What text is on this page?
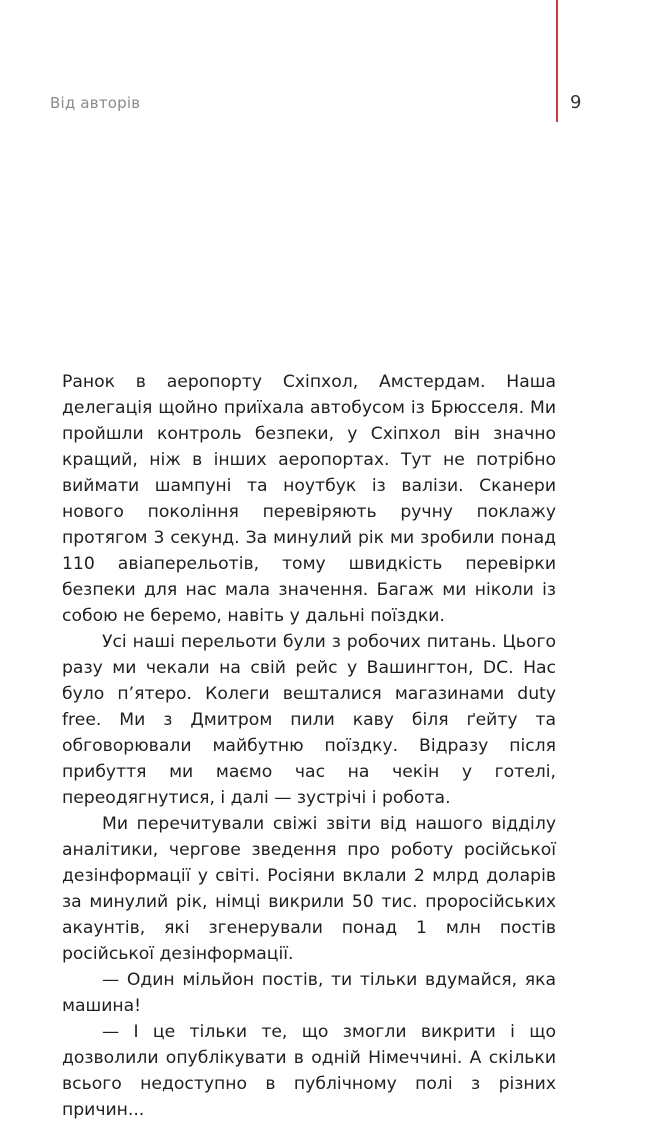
Від авторів	9

Ранок в аеропорту Схіпхол, Амстердам. Наша делегація щойно приїхала автобусом із Брюсселя. Ми пройшли контроль безпеки, у Схіпхол він значно кращий, ніж в інших аеропортах. Тут не потрібно виймати шампуні та ноутбук із валізи. Сканери нового покоління перевіряють ручну поклажу протягом 3 секунд. За минулий рік ми зробили понад 110 авіаперельотів, тому швидкість перевірки безпеки для нас мала значення. Багаж ми ніколи із собою не беремо, навіть у дальні поїздки.

Усі наші перельоти були з робочих питань. Цього разу ми чекали на свій рейс у Вашингтон, DC. Нас було п’ятеро. Колеги вешталися магазинами duty free. Ми з Дмитром пили каву біля ґейту та обговорювали майбутню поїздку. Відразу після прибуття ми маємо час на чекін у готелі, переодягнутися, і далі — зустрічі і робота.

Ми перечитували свіжі звіти від нашого відділу аналітики, чергове зведення про роботу російської дезінформації у світі. Росіяни вклали 2 млрд доларів за минулий рік, німці викрили 50 тис. проросійських акаунтів, які згенерували понад 1 млн постів російської дезінформації.

— Один мільйон постів, ти тільки вдумайся, яка машина!

— І це тільки те, що змогли викрити і що дозволили опублікувати в одній Німеччині. А скільки всього недоступно в публічному полі з різних причин...
